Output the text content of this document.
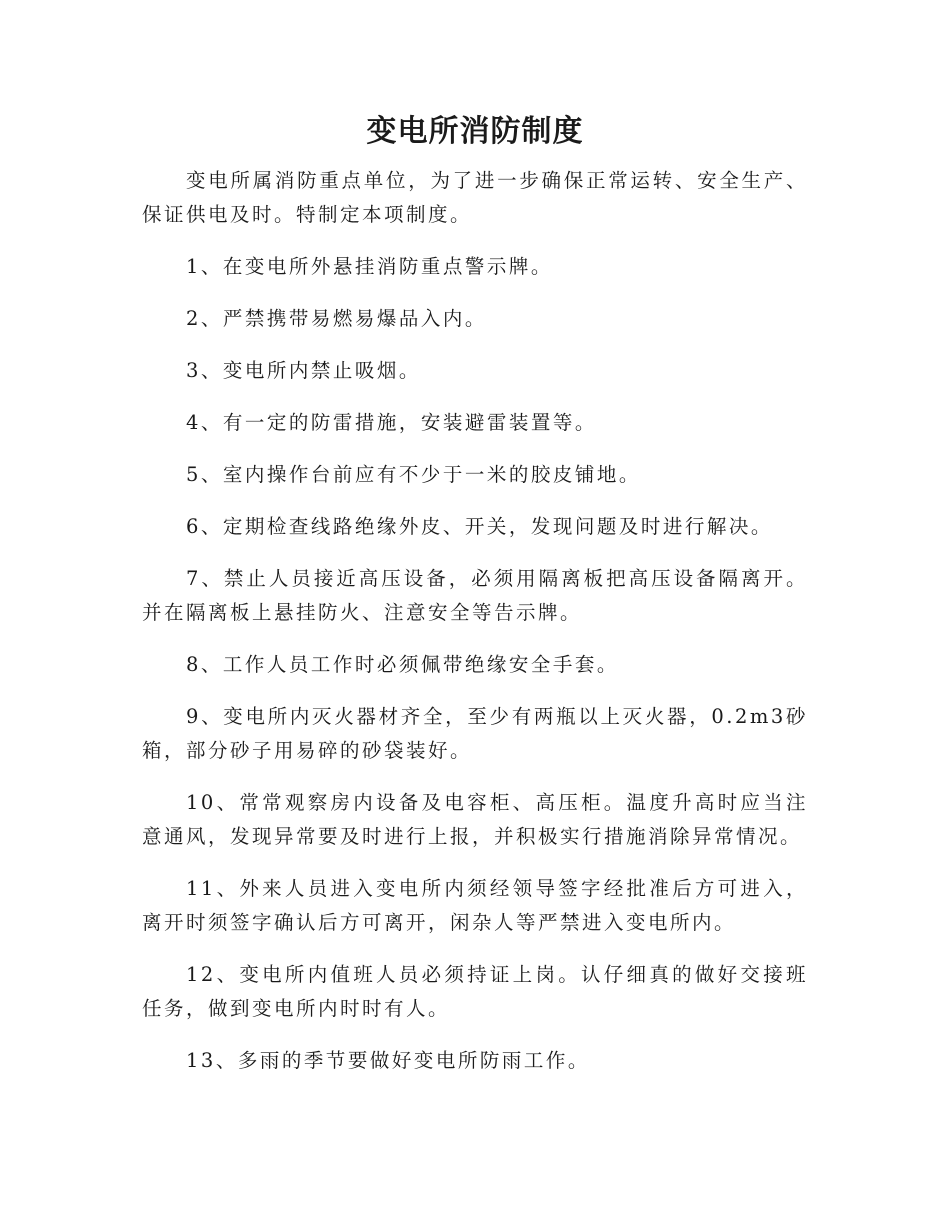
变电所消防制度

变电所属消防重点单位，为了进一步确保正常运转、安全生产、保证供电及时。特制定本项制度。

1、在变电所外悬挂消防重点警示牌。

2、严禁携带易燃易爆品入内。

3、变电所内禁止吸烟。

4、有一定的防雷措施，安装避雷装置等。

5、室内操作台前应有不少于一米的胶皮铺地。

6、定期检查线路绝缘外皮、开关，发现问题及时进行解决。

7、禁止人员接近高压设备，必须用隔离板把高压设备隔离开。并在隔离板上悬挂防火、注意安全等告示牌。

8、工作人员工作时必须佩带绝缘安全手套。

9、变电所内灭火器材齐全，至少有两瓶以上灭火器，0.2m3砂箱，部分砂子用易碎的砂袋装好。

10、常常观察房内设备及电容柜、高压柜。温度升高时应当注意通风，发现异常要及时进行上报，并积极实行措施消除异常情况。

11、外来人员进入变电所内须经领导签字经批准后方可进入，离开时须签字确认后方可离开，闲杂人等严禁进入变电所内。

12、变电所内值班人员必须持证上岗。认仔细真的做好交接班任务，做到变电所内时时有人。

13、多雨的季节要做好变电所防雨工作。
